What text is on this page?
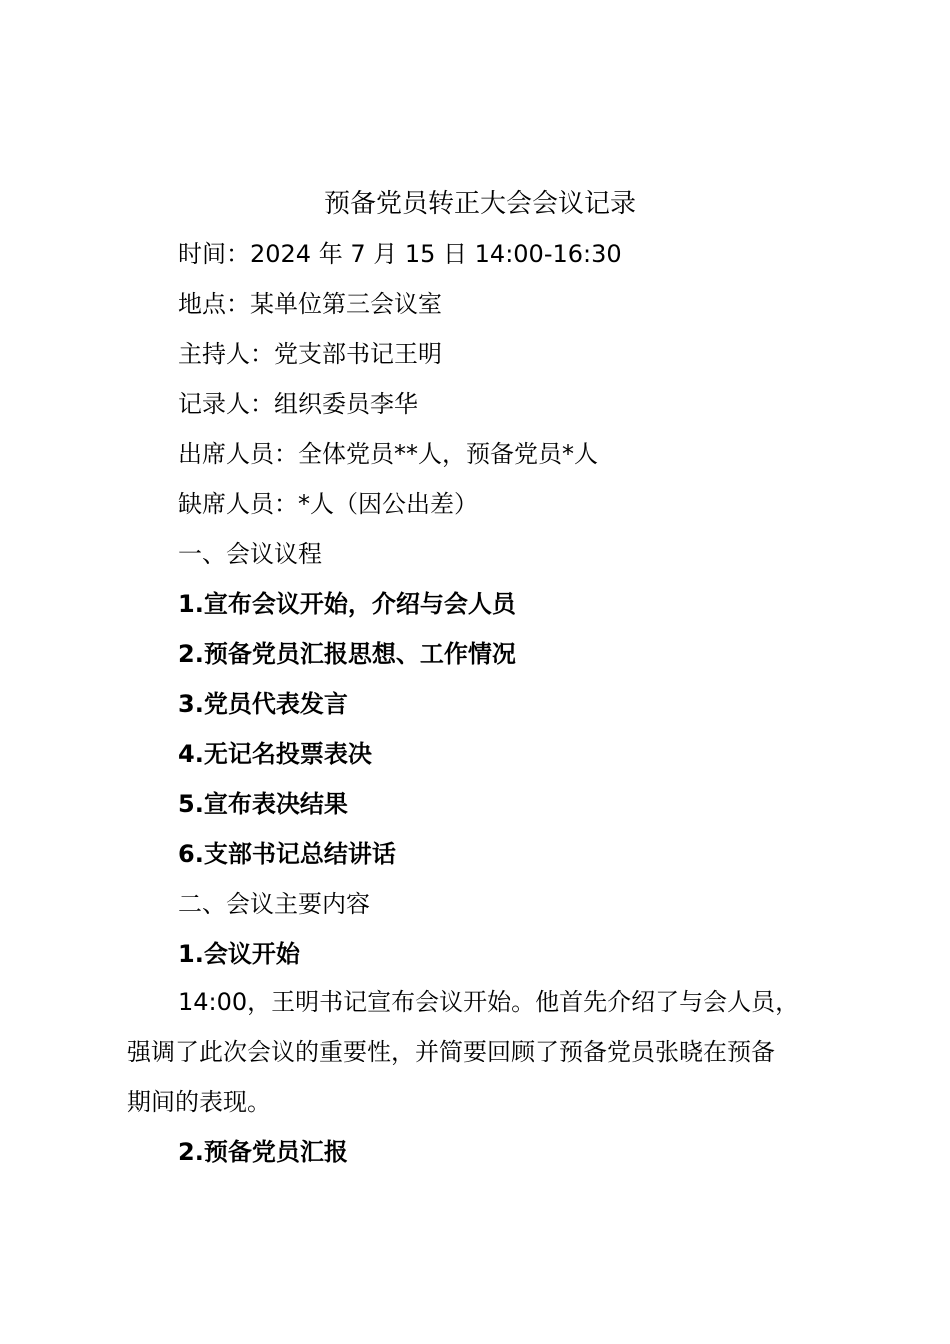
预备党员转正大会会议记录
时间：2024 年 7 月 15 日 14:00-16:30
地点：某单位第三会议室
主持人：党支部书记王明
记录人：组织委员李华
出席人员：全体党员**人，预备党员*人
缺席人员：*人（因公出差）
一、会议议程
1.宣布会议开始，介绍与会人员
2.预备党员汇报思想、工作情况
3.党员代表发言
4.无记名投票表决
5.宣布表决结果
6.支部书记总结讲话
二、会议主要内容
1.会议开始
14:00，王明书记宣布会议开始。他首先介绍了与会人员，
强调了此次会议的重要性，并简要回顾了预备党员张晓在预备
期间的表现。
2.预备党员汇报
